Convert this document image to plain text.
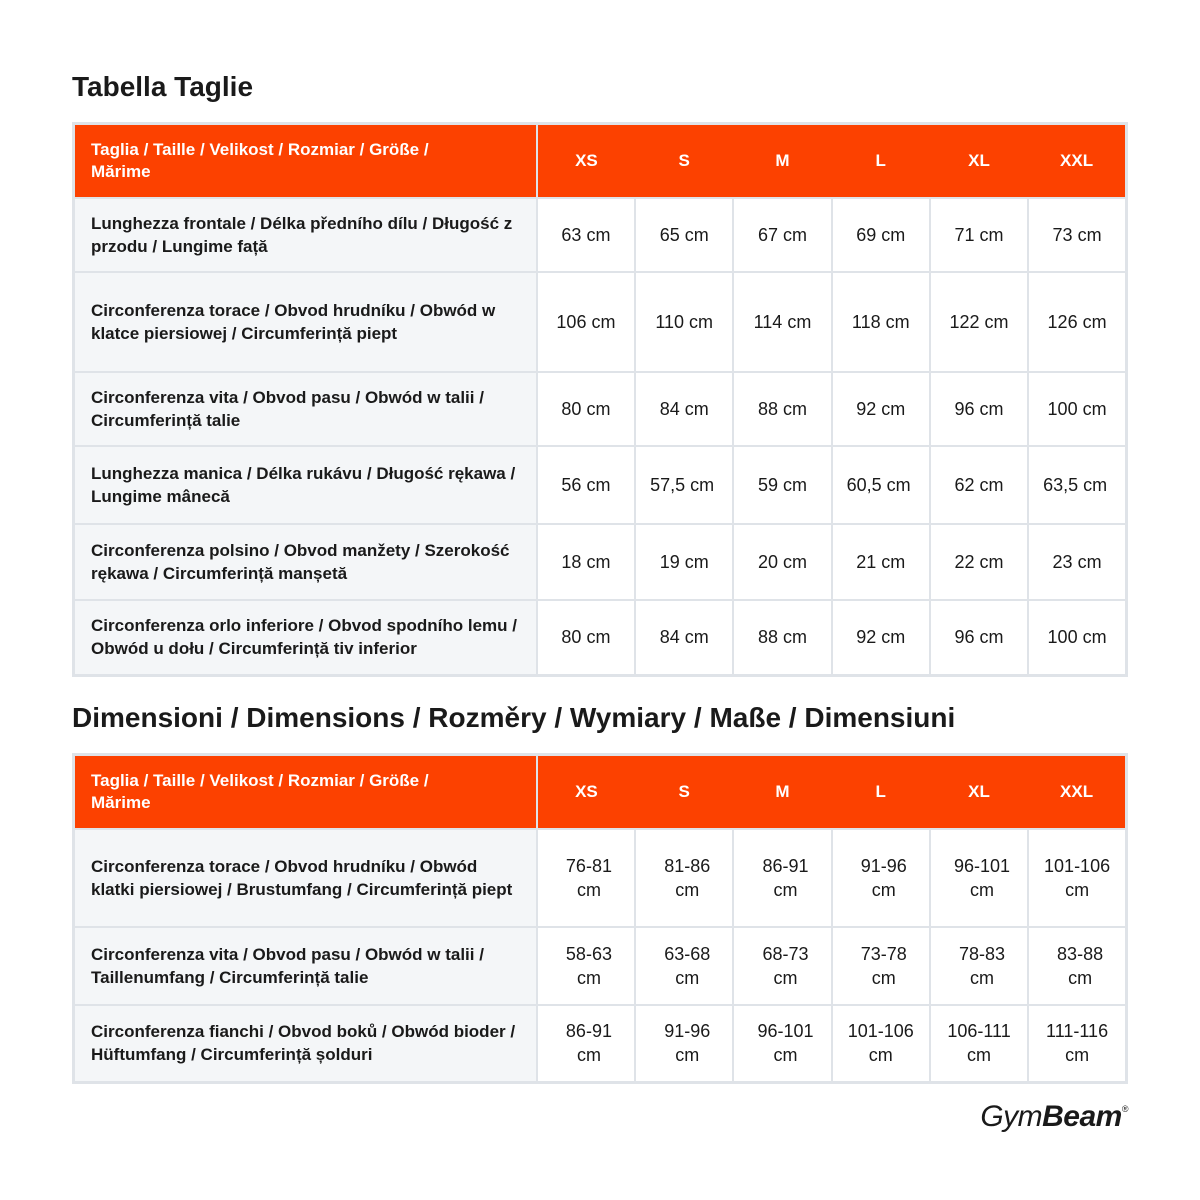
Tabella Taglie
Taglia / Taille / Velikost / Rozmiar / Größe / Mărime	XS	S	M	L	XL	XXL
Lunghezza frontale / Délka předního dílu / Długość z przodu / Lungime față	63 cm	65 cm	67 cm	69 cm	71 cm	73 cm
Circonferenza torace / Obvod hrudníku / Obwód w klatce piersiowej / Circumferință piept	106 cm	110 cm	114 cm	118 cm	122 cm	126 cm
Circonferenza vita / Obvod pasu / Obwód w talii / Circumferință talie	80 cm	84 cm	88 cm	92 cm	96 cm	100 cm
Lunghezza manica / Délka rukávu / Długość rękawa / Lungime mânecă	56 cm	57,5 cm	59 cm	60,5 cm	62 cm	63,5 cm
Circonferenza polsino / Obvod manžety / Szerokość rękawa / Circumferință manșetă	18 cm	19 cm	20 cm	21 cm	22 cm	23 cm
Circonferenza orlo inferiore / Obvod spodního lemu / Obwód u dołu / Circumferință tiv inferior	80 cm	84 cm	88 cm	92 cm	96 cm	100 cm
Dimensioni / Dimensions / Rozměry / Wymiary / Maße / Dimensiuni
Taglia / Taille / Velikost / Rozmiar / Größe / Mărime	XS	S	M	L	XL	XXL
Circonferenza torace / Obvod hrudníku / Obwód klatki piersiowej / Brustumfang / Circumferință piept	76-81 cm	81-86 cm	86-91 cm	91-96 cm	96-101 cm	101-106 cm
Circonferenza vita / Obvod pasu / Obwód w talii / Taillenumfang / Circumferință talie	58-63 cm	63-68 cm	68-73 cm	73-78 cm	78-83 cm	83-88 cm
Circonferenza fianchi / Obvod boků / Obwód bioder / Hüftumfang / Circumferință șolduri	86-91 cm	91-96 cm	96-101 cm	101-106 cm	106-111 cm	111-116 cm
GymBeam®
